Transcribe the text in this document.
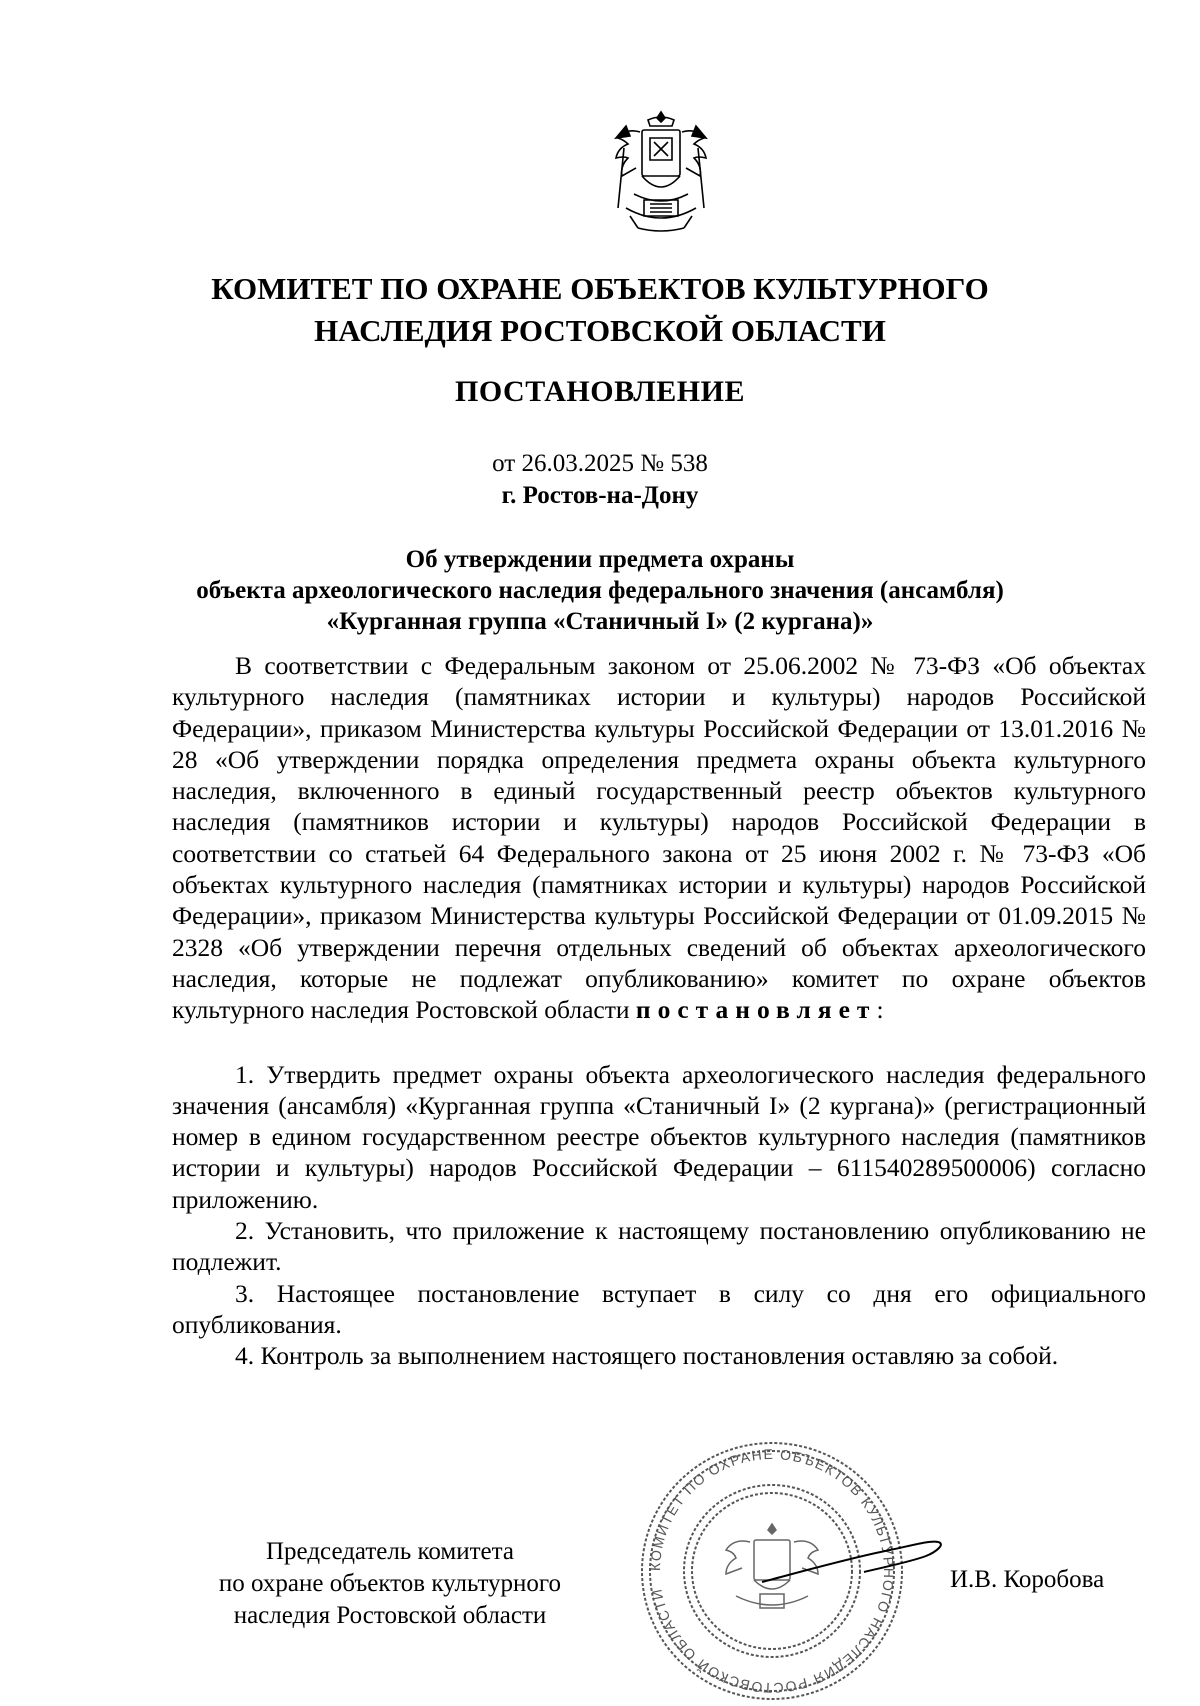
КОМИТЕТ ПО ОХРАНЕ ОБЪЕКТОВ КУЛЬТУРНОГО
НАСЛЕДИЯ РОСТОВСКОЙ ОБЛАСТИ
ПОСТАНОВЛЕНИЕ
от 26.03.2025 № 538
г. Ростов-на-Дону
Об утверждении предмета охраны
объекта археологического наследия федерального значения (ансамбля)
«Курганная группа «Станичный I» (2 кургана)»

В соответствии с Федеральным законом от 25.06.2002 № 73-ФЗ «Об объектах культурного наследия (памятниках истории и культуры) народов Российской Федерации», приказом Министерства культуры Российской Федерации от 13.01.2016 № 28 «Об утверждении порядка определения предмета охраны объекта культурного наследия, включенного в единый государственный реестр объектов культурного наследия (памятников истории и культуры) народов Российской Федерации в соответствии со статьей 64 Федерального закона от 25 июня 2002 г. № 73-ФЗ «Об объектах культурного наследия (памятниках истории и культуры) народов Российской Федерации», приказом Министерства культуры Российской Федерации от 01.09.2015 № 2328 «Об утверждении перечня отдельных сведений об объектах археологического наследия, которые не подлежат опубликованию» комитет по охране объектов культурного наследия Ростовской области постановляет:

1. Утвердить предмет охраны объекта археологического наследия федерального значения (ансамбля) «Курганная группа «Станичный I» (2 кургана)» (регистрационный номер в едином государственном реестре объектов культурного наследия (памятников истории и культуры) народов Российской Федерации – 611540289500006) согласно приложению.

2. Установить, что приложение к настоящему постановлению опубликованию не подлежит.

3. Настоящее постановление вступает в силу со дня его официального опубликования.

4. Контроль за выполнением настоящего постановления оставляю за собой.

КОМИТЕТ ПО ОХРАНЕ ОБЪЕКТОВ КУЛЬТУРНОГО НАСЛЕДИЯ РОСТОВСКОЙ ОБЛАСТИ
Председатель комитета
по охране объектов культурного
наследия Ростовской области
И.В. Коробова
